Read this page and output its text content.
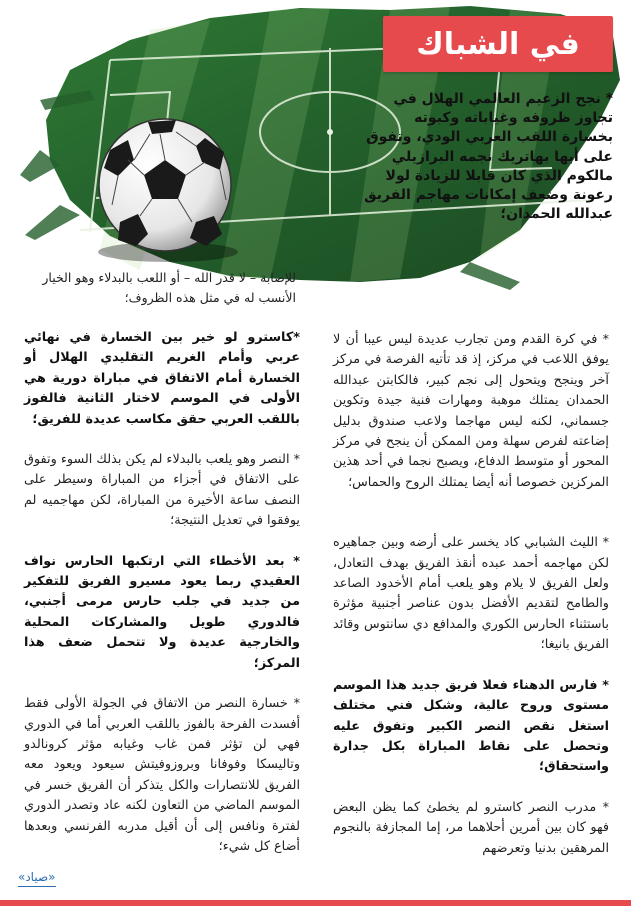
في الشباك
* نجح الزعيم العالمي الهلال في تجاوز ظروفه وغياباته وكبوته بخسارة اللقب العربي الودي، وتفوق على أبها بهاتريك نجمه البرازيلي مالكوم الذي كان قابلا للزيادة لولا رعونة وضعف إمكانات مهاجم الفريق عبدالله الحمدان؛
للإصابة – لا قدر الله – أو اللعب بالبدلاء وهو الخيار الأنسب له في مثل هذه الظروف؛

* في كرة القدم ومن تجارب عديدة ليس عيبا أن لا يوفق اللاعب في مركز، إذ قد تأتيه الفرصة في مركز آخر وينجح ويتحول إلى نجم كبير، فالكابتن عبدالله الحمدان يمتلك موهبة ومهارات فنية جيدة وتكوين جسماني، لكنه ليس مهاجما ولاعب صندوق بدليل إضاعته لفرص سهلة ومن الممكن أن ينجح في مركز المحور أو متوسط الدفاع، ويصبح نجما في أحد هذين المركزين خصوصا أنه أيضا يمتلك الروح والحماس؛

* الليث الشبابي كاد يخسر على أرضه وبين جماهيره لكن مهاجمه أحمد عبده أنقذ الفريق بهدف التعادل، ولعل الفريق لا يلام وهو يلعب أمام الأخدود الصاعد والطامح لتقديم الأفضل بدون عناصر أجنبية مؤثرة باستثناء الحارس الكوري والمدافع دي سانتوس وقائد الفريق بانيغا؛

* فارس الدهناء فعلا فريق جديد هذا الموسم مستوى وروح عالية، وشكل فني مختلف استغل نقص النصر الكبير وتفوق عليه وتحصل على نقاط المباراة بكل جدارة واستحقاق؛

* مدرب النصر كاسترو لم يخطئ كما يظن البعض فهو كان بين أمرين أحلاهما مر، إما المجازفة بالنجوم المرهقين بدنيا وتعرضهم

*كاسترو لو خير بين الخسارة في نهائي عربي وأمام الغريم التقليدي الهلال أو الخسارة أمام الاتفاق في مباراة دورية هي الأولى في الموسم لاختار الثانية فالفوز باللقب العربي حقق مكاسب عديدة للفريق؛

* النصر وهو يلعب بالبدلاء لم يكن بذلك السوء وتفوق على الاتفاق في أجزاء من المباراة وسيطر على النصف ساعة الأخيرة من المباراة، لكن مهاجميه لم يوفقوا في تعديل النتيجة؛

* بعد الأخطاء التي ارتكبها الحارس نواف العقيدي ربما يعود مسيرو الفريق للتفكير من جديد في جلب حارس مرمى أجنبي، فالدوري طويل والمشاركات المحلية والخارجية عديدة ولا تتحمل ضعف هذا المركز؛

* خسارة النصر من الاتفاق في الجولة الأولى فقط أفسدت الفرحة بالفوز باللقب العربي أما في الدوري فهي لن تؤثر فمن غاب وغيابه مؤثر كرونالدو وتاليسكا وفوفانا وبروزوفيتش سيعود ويعود معه الفريق للانتصارات والكل يتذكر أن الفريق خسر في الموسم الماضي من التعاون لكنه عاد وتصدر الدوري لفترة ونافس إلى أن أقيل مدربه الفرنسي وبعدها أضاع كل شيء؛

«صياد»
